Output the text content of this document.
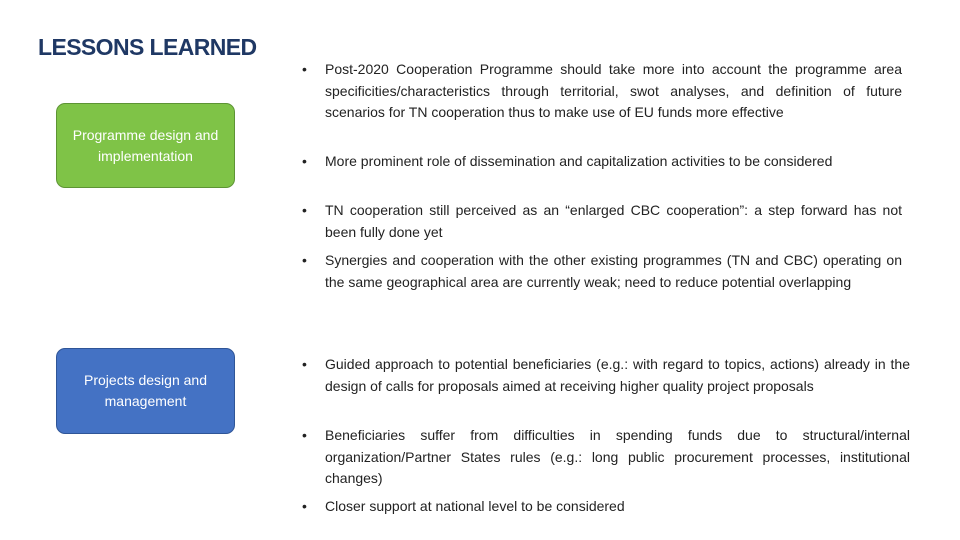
LESSONS LEARNED
Programme design and implementation
Projects design and management
•	Post-2020 Cooperation Programme should take more into account the programme area specificities/characteristics through territorial, swot analyses, and definition of future scenarios for TN cooperation thus to make use of EU funds more effective
•	More prominent role of dissemination and capitalization activities to be considered
•	TN cooperation still perceived as an “enlarged CBC cooperation”: a step forward has not been fully done yet
•	Synergies and cooperation with the other existing programmes (TN and CBC) operating on the same geographical area are currently weak; need to reduce potential overlapping
•	Guided approach to potential beneficiaries (e.g.: with regard to topics, actions) already in the design of calls for proposals aimed at receiving higher quality project proposals
•	Beneficiaries suffer from difficulties in spending funds due to structural/internal organization/Partner States rules (e.g.: long public procurement processes, institutional changes)
•	Closer support at national level to be considered
